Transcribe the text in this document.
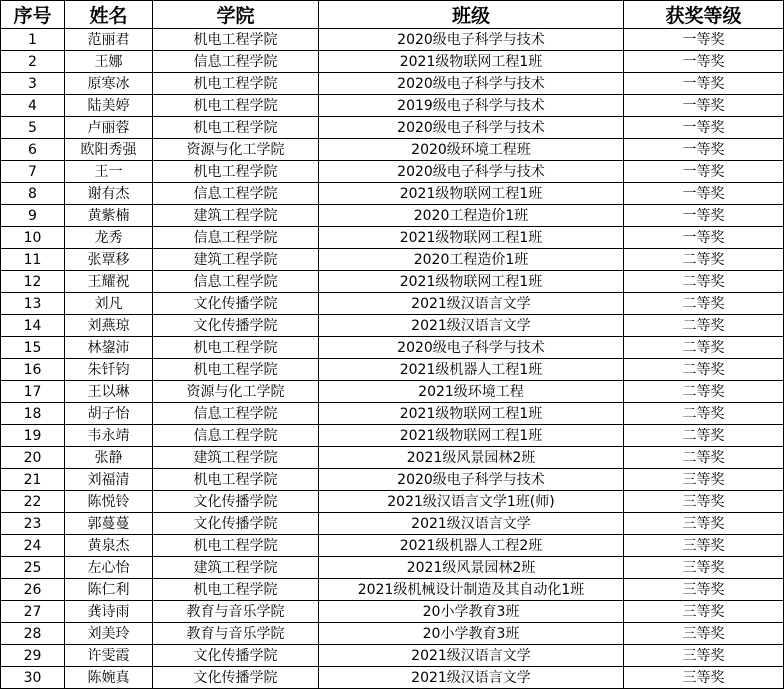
序号	姓名	学院	班级	获奖等级
1	范丽君	机电工程学院	2020级电子科学与技术	一等奖
2	王娜	信息工程学院	2021级物联网工程1班	一等奖
3	原寒冰	机电工程学院	2020级电子科学与技术	一等奖
4	陆美婷	机电工程学院	2019级电子科学与技术	一等奖
5	卢丽蓉	机电工程学院	2020级电子科学与技术	一等奖
6	欧阳秀强	资源与化工学院	2020级环境工程班	一等奖
7	王一	机电工程学院	2020级电子科学与技术	一等奖
8	谢有杰	信息工程学院	2021级物联网工程1班	一等奖
9	黄紫楠	建筑工程学院	2020工程造价1班	一等奖
10	龙秀	信息工程学院	2021级物联网工程1班	一等奖
11	张覃移	建筑工程学院	2020工程造价1班	二等奖
12	王耀祝	信息工程学院	2021级物联网工程1班	二等奖
13	刘凡	文化传播学院	2021级汉语言文学	二等奖
14	刘燕琼	文化传播学院	2021级汉语言文学	二等奖
15	林鋆沛	机电工程学院	2020级电子科学与技术	二等奖
16	朱钎钧	机电工程学院	2021级机器人工程1班	二等奖
17	王以琳	资源与化工学院	2021级环境工程	二等奖
18	胡子怡	信息工程学院	2021级物联网工程1班	二等奖
19	韦永靖	信息工程学院	2021级物联网工程1班	二等奖
20	张静	建筑工程学院	2021级风景园林2班	二等奖
21	刘福清	机电工程学院	2020级电子科学与技术	三等奖
22	陈悦铃	文化传播学院	2021级汉语言文学1班(师)	三等奖
23	郭蔓蔓	文化传播学院	2021级汉语言文学	三等奖
24	黄泉杰	机电工程学院	2021级机器人工程2班	三等奖
25	左心怡	建筑工程学院	2021级风景园林2班	三等奖
26	陈仁利	机电工程学院	2021级机械设计制造及其自动化1班	三等奖
27	龚诗雨	教育与音乐学院	20小学教育3班	三等奖
28	刘美玲	教育与音乐学院	20小学教育3班	三等奖
29	许雯霞	文化传播学院	2021级汉语言文学	三等奖
30	陈婉真	文化传播学院	2021级汉语言文学	三等奖
